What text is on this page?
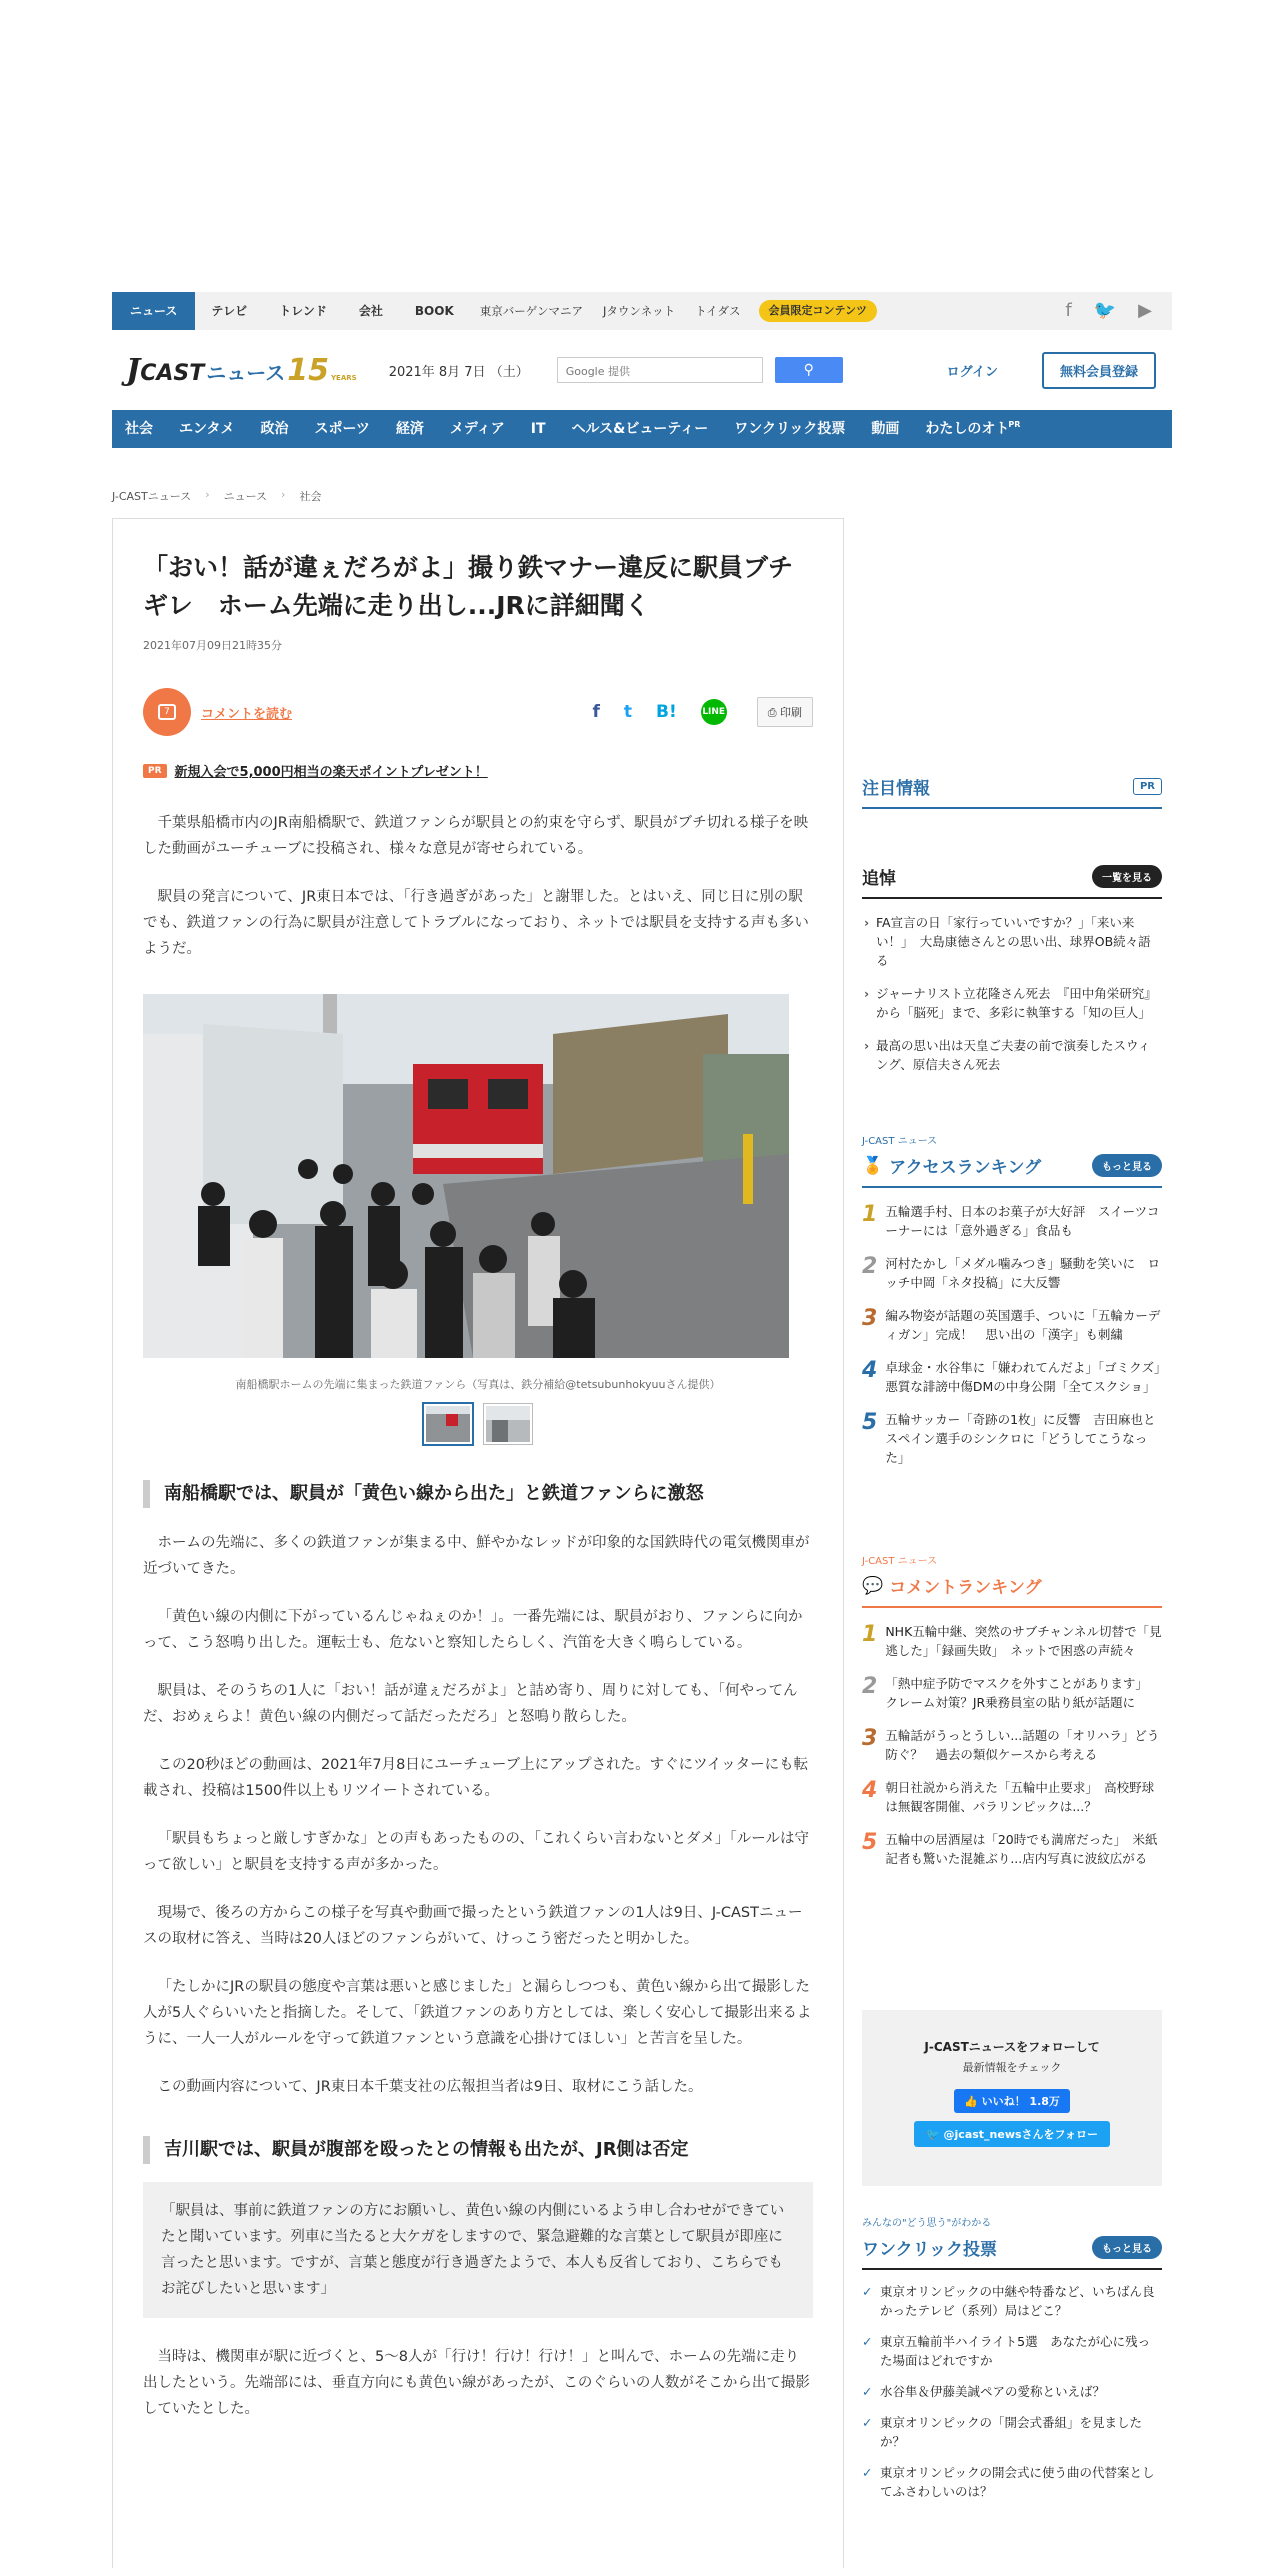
ニュース	テレビ	トレンド	会社	BOOK	東京バーゲンマニア	Jタウンネット	トイダス	会員限定コンテンツ	f 🐦 ▶
J CAST ニュース 15 YEARS 2021年 8月 7日 （土）	Google 提供	⚲	ログイン	無料会員登録
社会	エンタメ	政治	スポーツ	経済	メディア	IT	ヘルス&ビューティー	ワンクリック投票	動画	わたしのオト
PR
J-CASTニュース › ニュース › 社会
「おい！話が違ぇだろがよ」撮り鉄マナー違反に駅員ブチギレ　ホーム先端に走り出し...JRに詳細聞く
2021年07月09日21時35分
7	コメントを読む	f t B!	LINE	⎙ 印刷
PR	新規入会で5,000円相当の楽天ポイントプレゼント！

千葉県船橋市内のJR南船橋駅で、鉄道ファンらが駅員との約束を守らず、駅員がブチ切れる様子を映した動画がユーチューブに投稿され、様々な意見が寄せられている。

駅員の発言について、JR東日本では、「行き過ぎがあった」と謝罪した。とはいえ、同じ日に別の駅でも、鉄道ファンの行為に駅員が注意してトラブルになっており、ネットでは駅員を支持する声も多いようだ。

南船橋駅ホームの先端に集まった鉄道ファンら（写真は、鉄分補給@tetsubunhokyuuさん提供）
南船橋駅では、駅員が「黄色い線から出た」と鉄道ファンらに激怒

ホームの先端に、多くの鉄道ファンが集まる中、鮮やかなレッドが印象的な国鉄時代の電気機関車が近づいてきた。

「黄色い線の内側に下がっているんじゃねぇのか！」。一番先端には、駅員がおり、ファンらに向かって、こう怒鳴り出した。運転士も、危ないと察知したらしく、汽笛を大きく鳴らしている。

駅員は、そのうちの1人に「おい！話が違ぇだろがよ」と詰め寄り、周りに対しても、「何やってんだ、おめぇらよ！黄色い線の内側だって話だっただろ」と怒鳴り散らした。

この20秒ほどの動画は、2021年7月8日にユーチューブ上にアップされた。すぐにツイッターにも転載され、投稿は1500件以上もリツイートされている。

「駅員もちょっと厳しすぎかな」との声もあったものの、「これくらい言わないとダメ」「ルールは守って欲しい」と駅員を支持する声が多かった。

現場で、後ろの方からこの様子を写真や動画で撮ったという鉄道ファンの1人は9日、J-CASTニュースの取材に答え、当時は20人ほどのファンらがいて、けっこう密だったと明かした。

「たしかにJRの駅員の態度や言葉は悪いと感じました」と漏らしつつも、黄色い線から出て撮影した人が5人ぐらいいたと指摘した。そして、「鉄道ファンのあり方としては、楽しく安心して撮影出来るように、一人一人がルールを守って鉄道ファンという意識を心掛けてほしい」と苦言を呈した。

この動画内容について、JR東日本千葉支社の広報担当者は9日、取材にこう話した。

吉川駅では、駅員が腹部を殴ったとの情報も出たが、JR側は否定
「駅員は、事前に鉄道ファンの方にお願いし、黄色い線の内側にいるよう申し合わせができていたと聞いています。列車に当たると大ケガをしますので、緊急避難的な言葉として駅員が即座に言ったと思います。ですが、言葉と態度が行き過ぎたようで、本人も反省しており、こちらでもお詫びしたいと思います」

当時は、機関車が駅に近づくと、5～8人が「行け！行け！行け！」と叫んで、ホームの先端に走り出したという。先端部には、垂直方向にも黄色い線があったが、このぐらいの人数がそこから出て撮影していたとした。

注目情報	PR
追悼	一覧を見る
› FA宣言の日「家行っていいですか？」「来い来い！」　大島康徳さんとの思い出、球界OB続々語る
› ジャーナリスト立花隆さん死去　『田中角栄研究』から「脳死」まで、多彩に執筆する「知の巨人」
› 最高の思い出は天皇ご夫妻の前で演奏したスウィング、原信夫さん死去
J-CAST ニュース
🏅 アクセスランキング	もっと見る
1 五輪選手村、日本のお菓子が大好評　スイーツコーナーには「意外過ぎる」食品も
2 河村たかし「メダル噛みつき」騒動を笑いに　ロッチ中岡「ネタ投稿」に大反響
3 編み物姿が話題の英国選手、ついに「五輪カーディガン」完成！　思い出の「漢字」も刺繍
4 卓球金・水谷隼に「嫌われてんだよ」「ゴミクズ」　悪質な誹謗中傷DMの中身公開「全てスクショ」
5 五輪サッカー「奇跡の1枚」に反響　吉田麻也とスペイン選手のシンクロに「どうしてこうなった」
J-CAST ニュース
💬 コメントランキング
1 NHK五輪中継、突然のサブチャンネル切替で「見逃した」「録画失敗」　ネットで困惑の声続々
2 「熱中症予防でマスクを外すことがあります」　クレーム対策？JR乗務員室の貼り紙が話題に
3 五輪話がうっとうしい...話題の「オリハラ」どう防ぐ？　過去の類似ケースから考える
4 朝日社説から消えた「五輪中止要求」　高校野球は無観客開催、パラリンピックは...？
5 五輪中の居酒屋は「20時でも満席だった」　米紙記者も驚いた混雑ぶり...店内写真に波紋広がる
J-CASTニュースをフォローして
最新情報をチェック
👍 いいね！ 1.8万
🐦 @jcast_newsさんをフォロー
みんなの"どう思う"がわかる
ワンクリック投票	もっと見る
✓ 東京オリンピックの中継や特番など、いちばん良かったテレビ（系列）局はどこ？
✓ 東京五輪前半ハイライト5選　あなたが心に残った場面はどれですか
✓ 水谷隼＆伊藤美誠ペアの愛称といえば？
✓ 東京オリンピックの「開会式番組」を見ましたか？
✓ 東京オリンピックの開会式に使う曲の代替案としてふさわしいのは？
